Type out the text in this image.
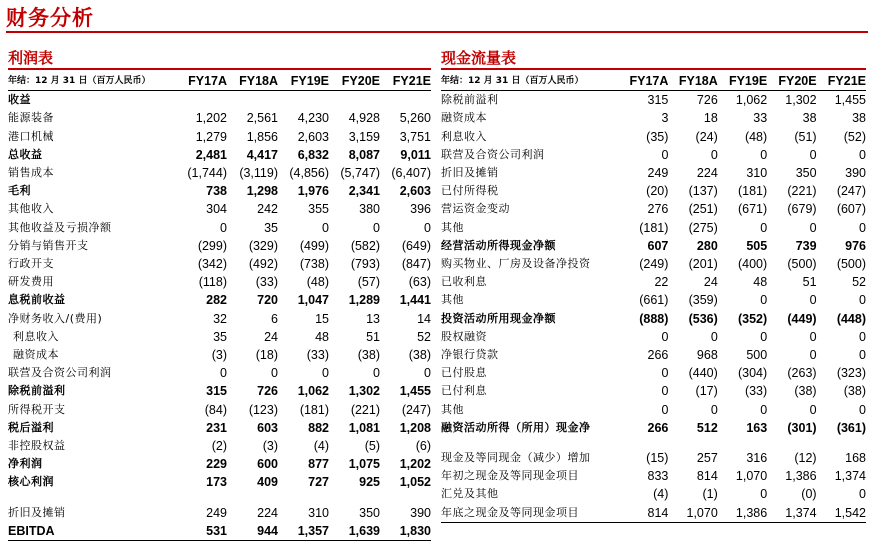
财务分析
利润表
年结：12 月 31 日（百万人民币）	FY17A	FY18A	FY19E	FY20E	FY21E
收益					
能源装备	1,202	2,561	4,230	4,928	5,260
港口机械	1,279	1,856	2,603	3,159	3,751
总收益	2,481	4,417	6,832	8,087	9,011
销售成本	(1,744)	(3,119)	(4,856)	(5,747)	(6,407)
毛利	738	1,298	1,976	2,341	2,603
其他收入	304	242	355	380	396
其他收益及亏损净额	0	35	0	0	0
分销与销售开支	(299)	(329)	(499)	(582)	(649)
行政开支	(342)	(492)	(738)	(793)	(847)
研发费用	(118)	(33)	(48)	(57)	(63)
息税前收益	282	720	1,047	1,289	1,441
净财务收入/(费用)	32	6	15	13	14
利息收入	35	24	48	51	52
融资成本	(3)	(18)	(33)	(38)	(38)
联营及合资公司利润	0	0	0	0	0
除税前溢利	315	726	1,062	1,302	1,455
所得税开支	(84)	(123)	(181)	(221)	(247)
税后溢利	231	603	882	1,081	1,208
非控股权益	(2)	(3)	(4)	(5)	(6)
净利润	229	600	877	1,075	1,202
核心利润	173	409	727	925	1,052

折旧及摊销	249	224	310	350	390
EBITDA	531	944	1,357	1,639	1,830
现金流量表
年结：12 月 31 日（百万人民币）	FY17A	FY18A	FY19E	FY20E	FY21E
除税前溢利	315	726	1,062	1,302	1,455
融资成本	3	18	33	38	38
利息收入	(35)	(24)	(48)	(51)	(52)
联营及合资公司利润	0	0	0	0	0
折旧及摊销	249	224	310	350	390
已付所得税	(20)	(137)	(181)	(221)	(247)
营运资金变动	276	(251)	(671)	(679)	(607)
其他	(181)	(275)	0	0	0
经营活动所得现金净额	607	280	505	739	976
购买物业、厂房及设备净投资	(249)	(201)	(400)	(500)	(500)
已收利息	22	24	48	51	52
其他	(661)	(359)	0	0	0
投资活动所用现金净额	(888)	(536)	(352)	(449)	(448)
股权融资	0	0	0	0	0
净银行贷款	266	968	500	0	0
已付股息	0	(440)	(304)	(263)	(323)
已付利息	0	(17)	(33)	(38)	(38)
其他	0	0	0	0	0
融资活动所得（所用）现金净	266	512	163	(301)	(361)

现金及等同现金（减少）增加	(15)	257	316	(12)	168
年初之现金及等同现金项目	833	814	1,070	1,386	1,374
汇兑及其他	(4)	(1)	0	(0)	0
年底之现金及等同现金项目	814	1,070	1,386	1,374	1,542
